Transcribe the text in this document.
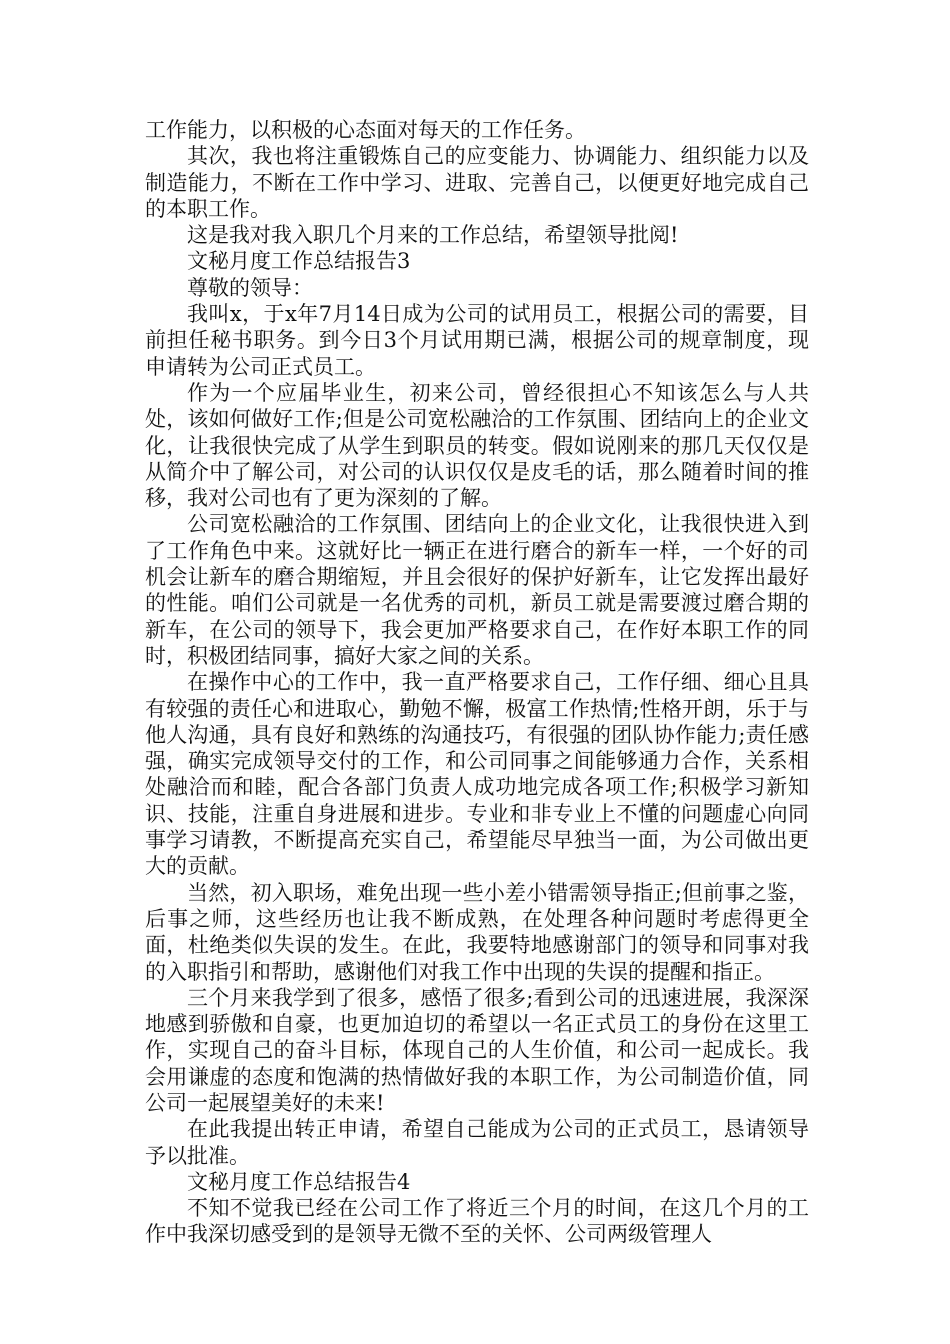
工作能力，以积极的心态面对每天的工作任务。

其次，我也将注重锻炼自己的应变能力、协调能力、组织能力以及制造能力，不断在工作中学习、进取、完善自己，以便更好地完成自己的本职工作。

这是我对我入职几个月来的工作总结，希望领导批阅!

文秘月度工作总结报告3

尊敬的领导：

我叫x，于x年7月14日成为公司的试用员工，根据公司的需要，目前担任秘书职务。到今日3个月试用期已满，根据公司的规章制度，现申请转为公司正式员工。

作为一个应届毕业生，初来公司，曾经很担心不知该怎么与人共处，该如何做好工作;但是公司宽松融洽的工作氛围、团结向上的企业文化，让我很快完成了从学生到职员的转变。假如说刚来的那几天仅仅是从简介中了解公司，对公司的认识仅仅是皮毛的话，那么随着时间的推移，我对公司也有了更为深刻的了解。

公司宽松融洽的工作氛围、团结向上的企业文化，让我很快进入到了工作角色中来。这就好比一辆正在进行磨合的新车一样，一个好的司机会让新车的磨合期缩短，并且会很好的保护好新车，让它发挥出最好的性能。咱们公司就是一名优秀的司机，新员工就是需要渡过磨合期的新车，在公司的领导下，我会更加严格要求自己，在作好本职工作的同时，积极团结同事，搞好大家之间的关系。

在操作中心的工作中，我一直严格要求自己，工作仔细、细心且具有较强的责任心和进取心，勤勉不懈，极富工作热情;性格开朗，乐于与他人沟通，具有良好和熟练的沟通技巧，有很强的团队协作能力;责任感强，确实完成领导交付的工作，和公司同事之间能够通力合作，关系相处融洽而和睦，配合各部门负责人成功地完成各项工作;积极学习新知识、技能，注重自身进展和进步。专业和非专业上不懂的问题虚心向同事学习请教，不断提高充实自己，希望能尽早独当一面，为公司做出更大的贡献。

当然，初入职场，难免出现一些小差小错需领导指正;但前事之鉴，后事之师，这些经历也让我不断成熟，在处理各种问题时考虑得更全面，杜绝类似失误的发生。在此，我要特地感谢部门的领导和同事对我的入职指引和帮助，感谢他们对我工作中出现的失误的提醒和指正。

三个月来我学到了很多，感悟了很多;看到公司的迅速进展，我深深地感到骄傲和自豪，也更加迫切的希望以一名正式员工的身份在这里工作，实现自己的奋斗目标，体现自己的人生价值，和公司一起成长。我会用谦虚的态度和饱满的热情做好我的本职工作，为公司制造价值，同公司一起展望美好的未来!

在此我提出转正申请，希望自己能成为公司的正式员工，恳请领导予以批准。

文秘月度工作总结报告4

不知不觉我已经在公司工作了将近三个月的时间，在这几个月的工作中我深切感受到的是领导无微不至的关怀、公司两级管理人
